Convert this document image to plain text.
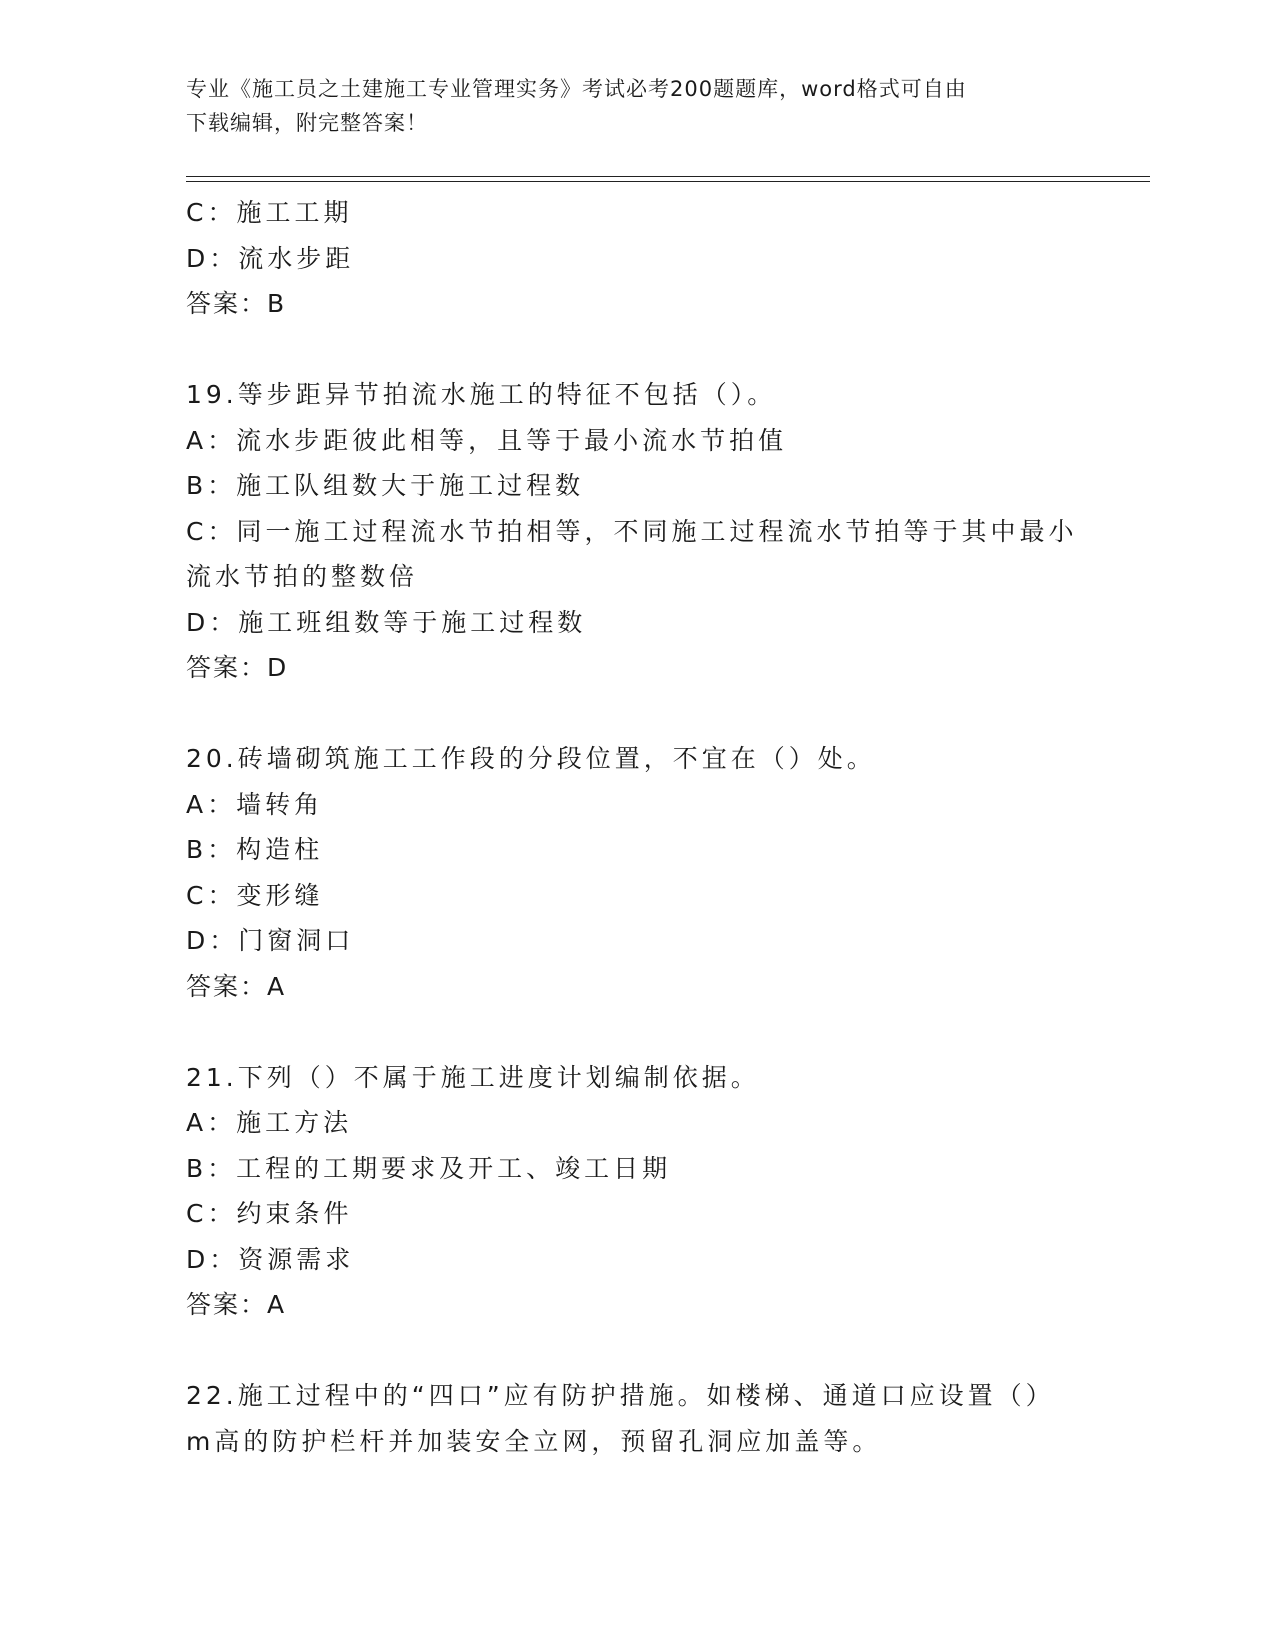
专业《施工员之土建施工专业管理实务》考试必考200题题库，word格式可自由
下载编辑，附完整答案！
C：施工工期
D：流水步距
答案：B
19.等步距异节拍流水施工的特征不包括（）。
A：流水步距彼此相等，且等于最小流水节拍值
B：施工队组数大于施工过程数
C：同一施工过程流水节拍相等，不同施工过程流水节拍等于其中最小
流水节拍的整数倍
D：施工班组数等于施工过程数
答案：D
20.砖墙砌筑施工工作段的分段位置，不宜在（）处。
A：墙转角
B：构造柱
C：变形缝
D：门窗洞口
答案：A
21.下列（）不属于施工进度计划编制依据。
A：施工方法
B：工程的工期要求及开工、竣工日期
C：约束条件
D：资源需求
答案：A
22.施工过程中的“四口”应有防护措施。如楼梯、通道口应设置（）
m高的防护栏杆并加装安全立网，预留孔洞应加盖等。
